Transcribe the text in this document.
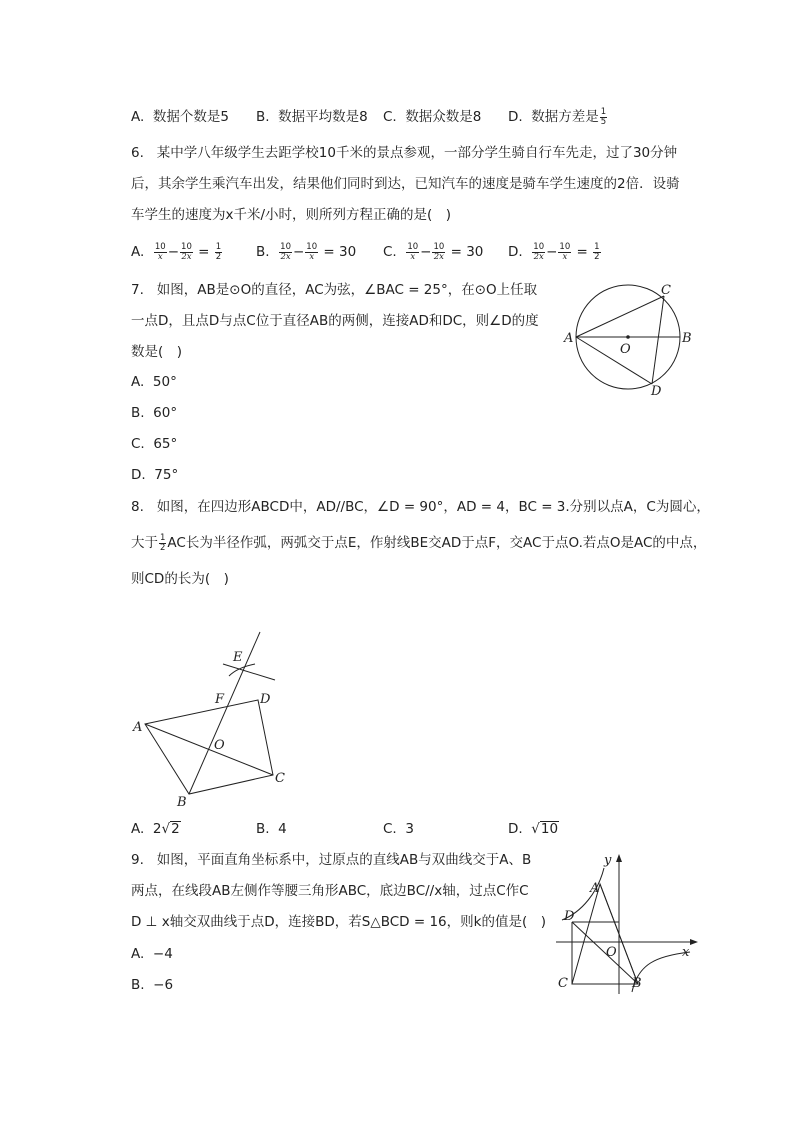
A. 数据个数是5 B. 数据平均数是8 C. 数据众数是8 D. 数据方差是 $\frac{1}{5}$
6. 某中学八年级学生去距学校10千米的景点参观，一部分学生骑自行车先走，过了30分钟
后，其余学生乘汽车出发，结果他们同时到达，已知汽车的速度是骑车学生速度的2倍．设骑
车学生的速度为x千米/小时，则所列方程正确的是(　)
A. $\frac{10}{x} - \frac{10}{2x} = \frac{1}{2}$	B. $\frac{10}{2x} - \frac{10}{x} = 30$ C. $\frac{10}{x} - \frac{10}{2x} = 30$ D. $\frac{10}{2x} - \frac{10}{x} = \frac{1}{2}$
7. 如图，AB是⊙O的直径，AC为弦，∠BAC = 25°，在⊙O上任取
一点D，且点D与点C位于直径AB的两侧，连接AD和DC，则∠D的度
数是(　)
A. 50°
B. 60°
C. 65°
D. 75°
A	B
C
D
O
8. 如图，在四边形ABCD中，AD//BC，∠D = 90°，AD = 4，BC = 3.分别以点A，C为圆心，
大于 $\frac{1}{2}$ AC长为半径作弧，两弧交于点E，作射线BE交AD于点F，交AC于点O.若点O是AC的中点，
则CD的长为(　)
A
B
C
D
E
F
O
A. 2√2	B. 4	C. 3	D.  √10
9. 如图，平面直角坐标系中，过原点的直线AB与双曲线交于A、B
两点，在线段AB左侧作等腰三角形ABC，底边BC//x轴，过点C作C
D ⊥ x轴交双曲线于点D，连接BD，若S△BCD = 16，则k的值是(　)
A. −4
B. −6
y
x
A
B
C
D
O
